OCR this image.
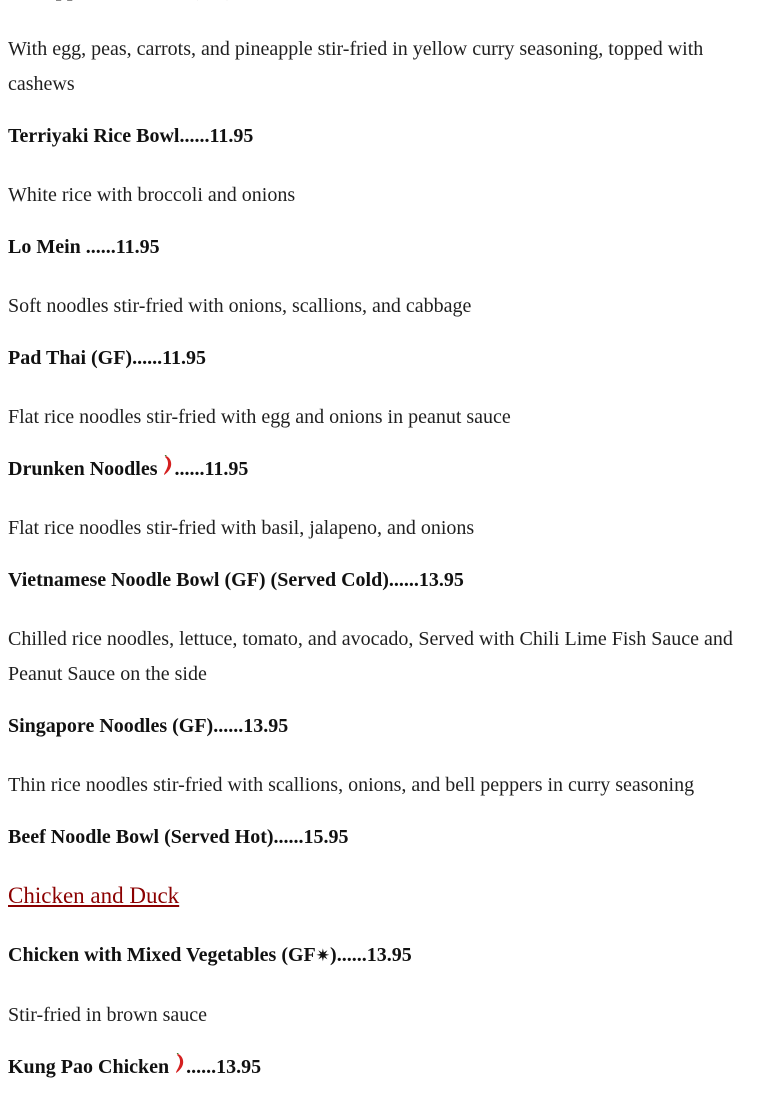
With egg, peas, carrots, and pineapple stir-fried in yellow curry seasoning, topped with cashews
Terriyaki Rice Bowl......11.95
White rice with broccoli and onions
Lo Mein ......11.95
Soft noodles stir-fried with onions, scallions, and cabbage
Pad Thai (GF)......11.95
Flat rice noodles stir-fried with egg and onions in peanut sauce
Drunken Noodles
......11.95
Flat rice noodles stir-fried with basil, jalapeno, and onions
Vietnamese Noodle Bowl (GF) (Served Cold)......13.95
Chilled rice noodles, lettuce, tomato, and avocado, Served with Chili Lime Fish Sauce and Peanut Sauce on the side
Singapore Noodles (GF)......13.95
Thin rice noodles stir-fried with scallions, onions, and bell peppers in curry seasoning
Beef Noodle Bowl (Served Hot)......15.95
Chicken and Duck
Chicken with Mixed Vegetables (GF✷)......13.95
Stir-fried in brown sauce
Kung Pao Chicken
......13.95
